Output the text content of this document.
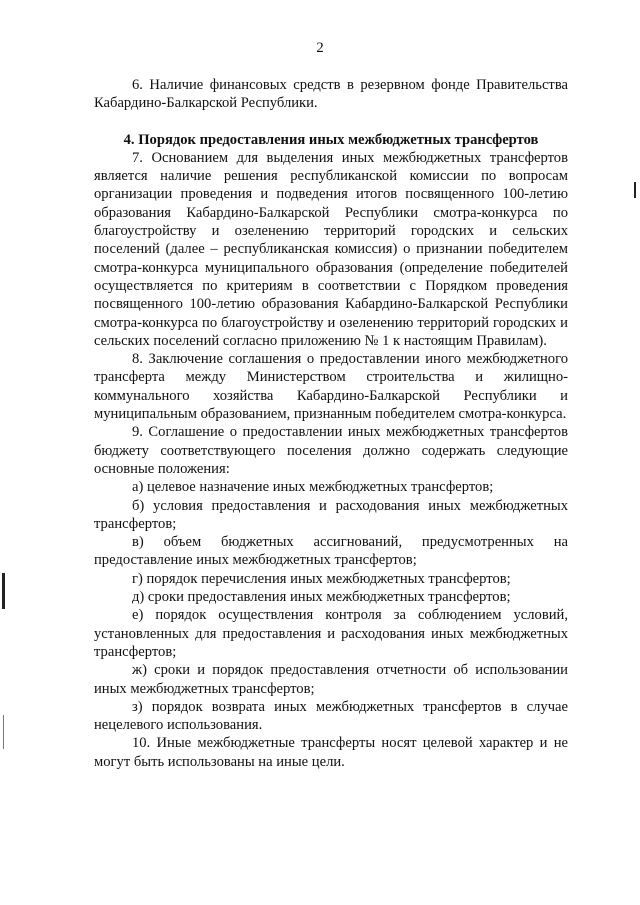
2

6. Наличие финансовых средств в резервном фонде Правительства Кабардино-Балкарской Республики.

4. Порядок предоставления иных межбюджетных трансфертов

7. Основанием для выделения иных межбюджетных трансфертов является наличие решения республиканской комиссии по вопросам организации проведения и подведения итогов посвященного 100-летию образования Кабардино-Балкарской Республики смотра-конкурса по благоустройству и озеленению территорий городских и сельских поселений (далее – республиканская комиссия) о признании победителем смотра-конкурса муниципального образования (определение победителей осуществляется по критериям в соответствии с Порядком проведения посвященного 100-летию образования Кабардино-Балкарской Республики смотра-конкурса по благоустройству и озеленению территорий городских и сельских поселений согласно приложению № 1 к настоящим Правилам).

8. Заключение соглашения о предоставлении иного межбюджетного трансферта между Министерством строительства и жилищно-коммунального хозяйства Кабардино-Балкарской Республики и муниципальным образованием, признанным победителем смотра-конкурса.

9. Соглашение о предоставлении иных межбюджетных трансфертов бюджету соответствующего поселения должно содержать следующие основные положения:

а) целевое назначение иных межбюджетных трансфертов;

б) условия предоставления и расходования иных межбюджетных трансфертов;

в) объем бюджетных ассигнований, предусмотренных на предоставление иных межбюджетных трансфертов;

г) порядок перечисления иных межбюджетных трансфертов;

д) сроки предоставления иных межбюджетных трансфертов;

е) порядок осуществления контроля за соблюдением условий, установленных для предоставления и расходования иных межбюджетных трансфертов;

ж) сроки и порядок предоставления отчетности об использовании иных межбюджетных трансфертов;

з) порядок возврата иных межбюджетных трансфертов в случае нецелевого использования.

10. Иные межбюджетные трансферты носят целевой характер и не могут быть использованы на иные цели.
